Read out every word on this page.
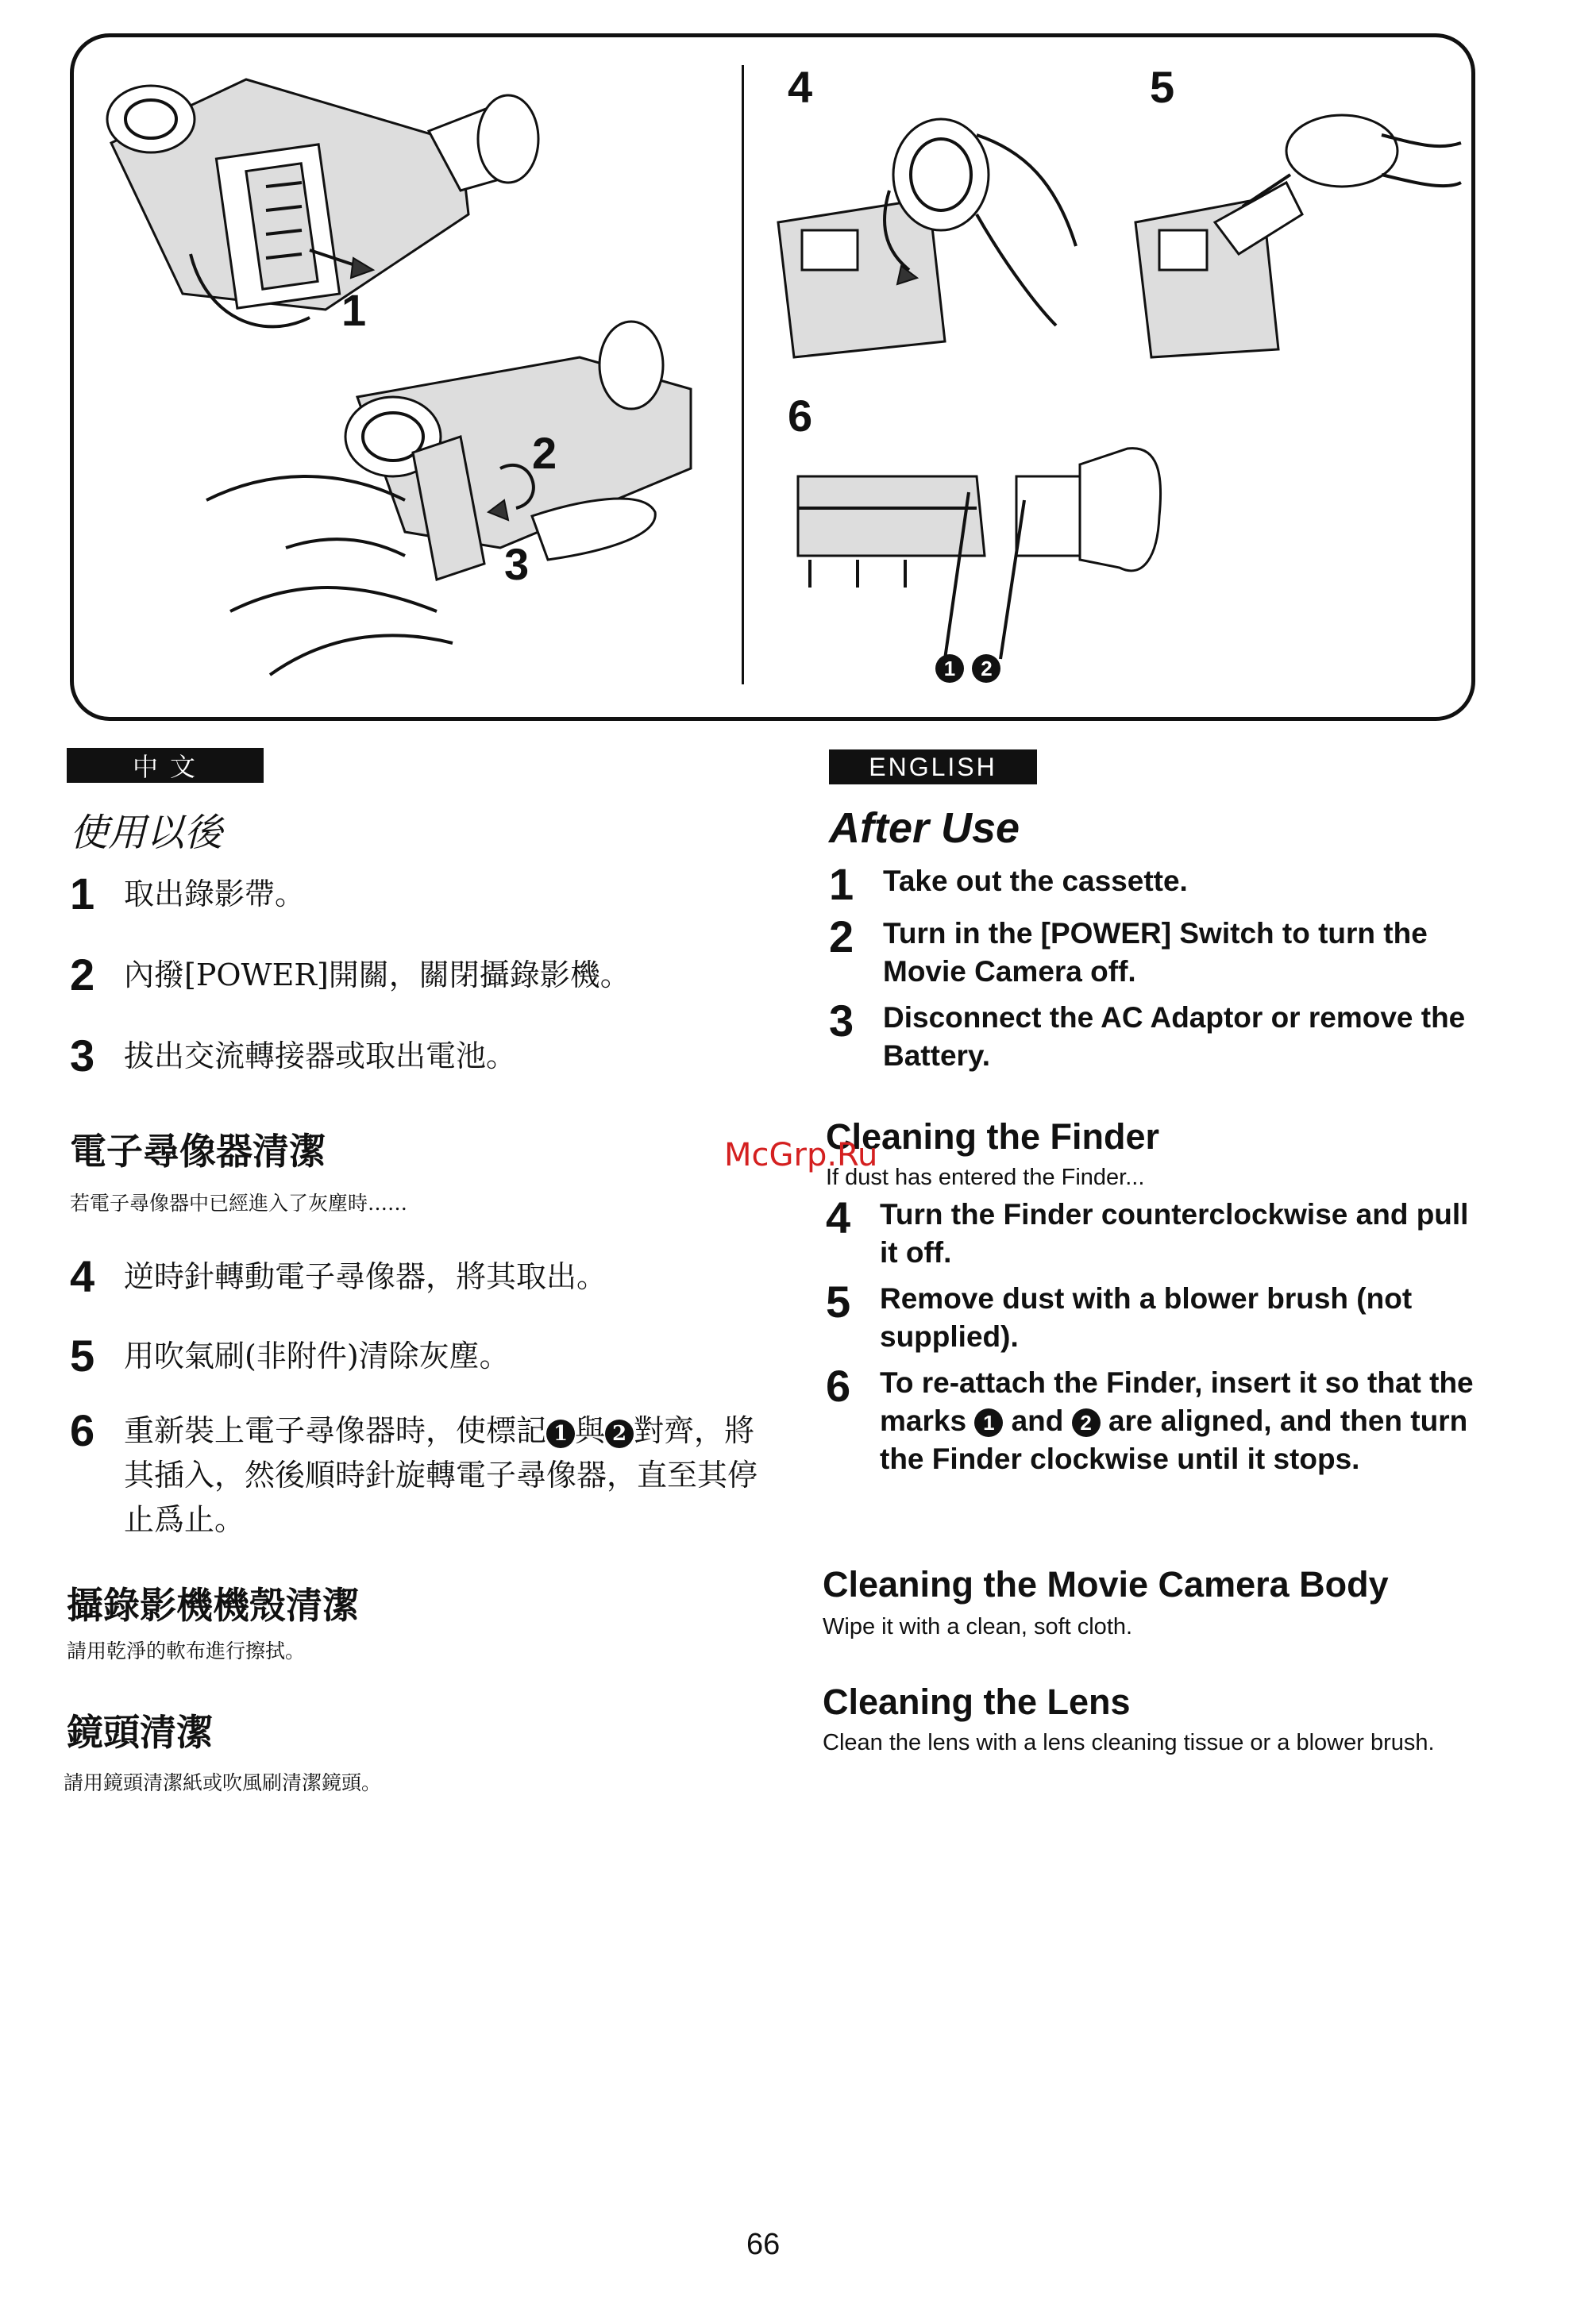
1
2
3
4	5
6
1 2
中 文
使用以後
1 取出錄影帶。
2 內撥[POWER]開關，關閉攝錄影機。
3 拔出交流轉接器或取出電池。
電子尋像器清潔
若電子尋像器中已經進入了灰塵時……
4 逆時針轉動電子尋像器，將其取出。
5 用吹氣刷(非附件)清除灰塵。
6 重新裝上電子尋像器時，使標記 1 與 2 對齊，將其插入，然後順時針旋轉電子尋像器，直至其停止爲止。
攝錄影機機殼清潔
請用乾淨的軟布進行擦拭。
鏡頭清潔
請用鏡頭清潔紙或吹風刷清潔鏡頭。
ENGLISH
After Use
1 Take out the cassette.
2 Turn in the [POWER] Switch to turn the Movie Camera off.
3 Disconnect the AC Adaptor or remove the Battery.
Cleaning the Finder
If dust has entered the Finder...
4 Turn the Finder counterclockwise and pull it off.
5 Remove dust with a blower brush (not supplied).
6 To re-attach the Finder, insert it so that the marks 1 and 2 are aligned, and then turn the Finder clockwise until it stops.
Cleaning the Movie Camera Body
Wipe it with a clean, soft cloth.
Cleaning the Lens
Clean the lens with a lens cleaning tissue or a blower brush.
McGrp.Ru
66
